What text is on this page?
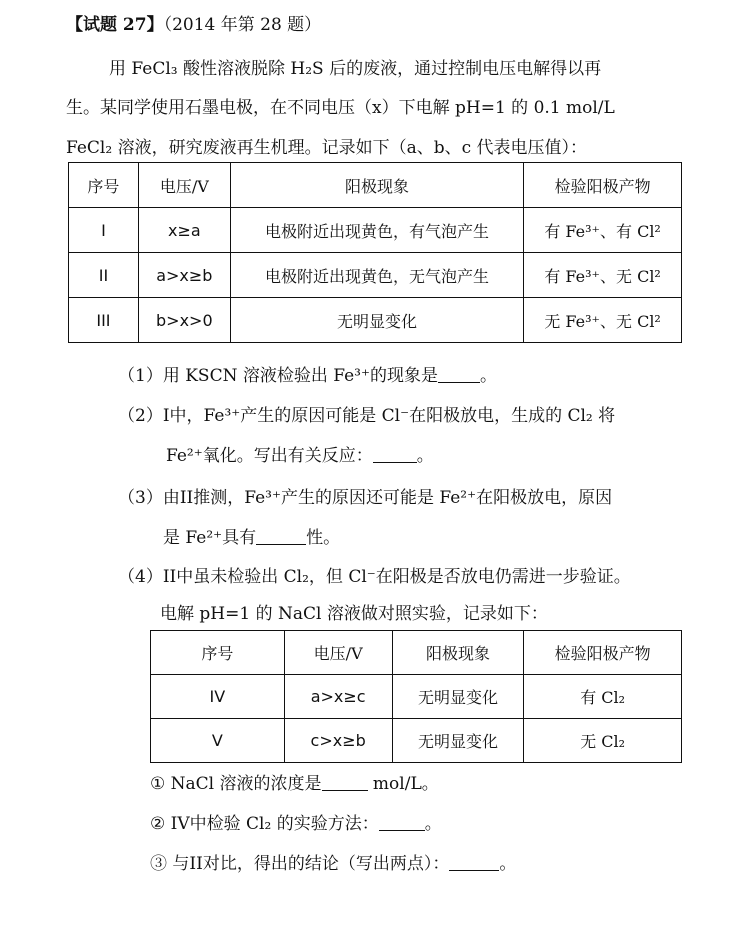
【试题 27】（2014 年第 28 题）
用 FeCl₃ 酸性溶液脱除 H₂S 后的废液，通过控制电压电解得以再
生。某同学使用石墨电极，在不同电压（x）下电解 pH=1 的 0.1 mol/L
FeCl₂ 溶液，研究废液再生机理。记录如下（a、b、c 代表电压值）：
序号	电压/V	阳极现象	检验阳极产物
I	x≥a	电极附近出现黄色，有气泡产生	有 Fe³⁺、有 Cl²
II	a>x≥b	电极附近出现黄色，无气泡产生	有 Fe³⁺、无 Cl²
III	b>x>0	无明显变化	无 Fe³⁺、无 Cl²
（1）用 KSCN 溶液检验出 Fe³⁺的现象是 。
（2）I中，Fe³⁺产生的原因可能是 Cl⁻在阳极放电，生成的 Cl₂ 将
Fe²⁺氧化。写出有关反应：	。
（3）由II推测，Fe³⁺产生的原因还可能是 Fe²⁺在阳极放电，原因
是 Fe²⁺具有	性。
（4）II中虽未检验出 Cl₂，但 Cl⁻在阳极是否放电仍需进一步验证。
电解 pH=1 的 NaCl 溶液做对照实验，记录如下：
序号	电压/V	阳极现象	检验阳极产物
IV	a>x≥c	无明显变化	有 Cl₂
V	c>x≥b	无明显变化	无 Cl₂
① NaCl 溶液的浓度是	mol/L。
② IV中检验 Cl₂ 的实验方法：	。
③ 与II对比，得出的结论（写出两点）：	。
